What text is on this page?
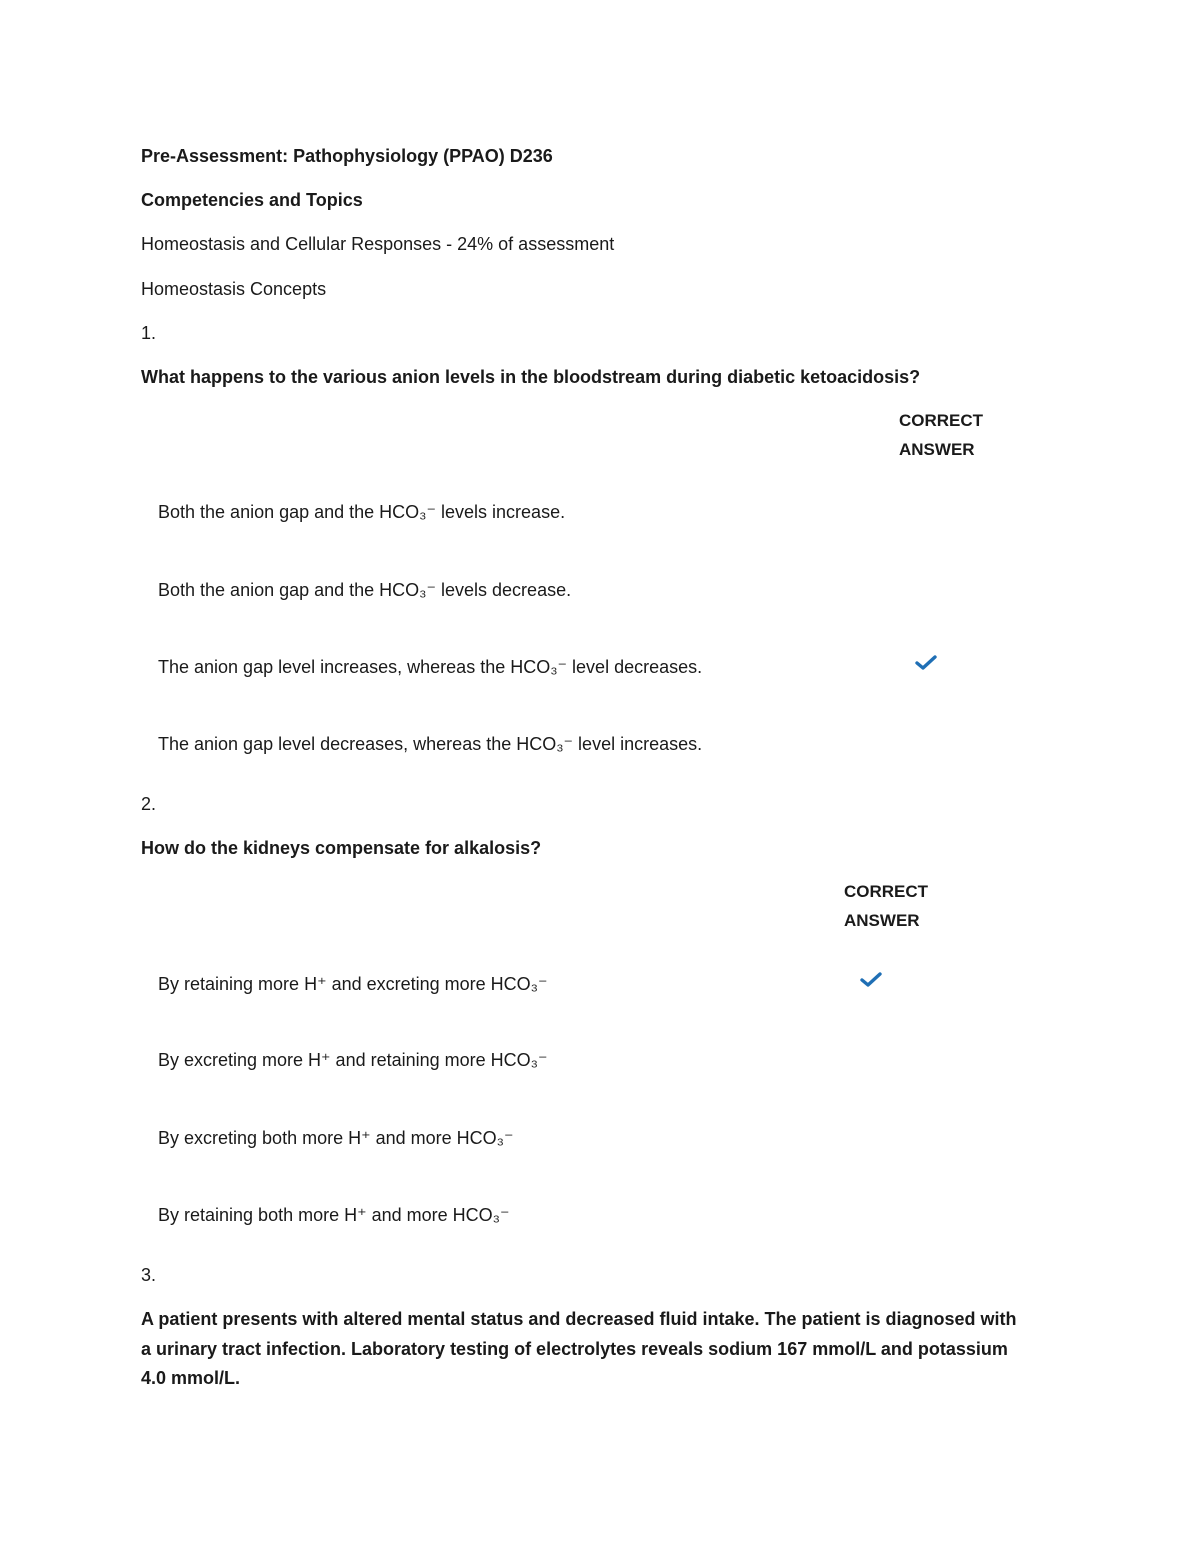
Pre-Assessment: Pathophysiology (PPAO) D236
Competencies and Topics
Homeostasis and Cellular Responses - 24% of assessment
Homeostasis Concepts
1.
What happens to the various anion levels in the bloodstream during diabetic ketoacidosis?
CORRECT
ANSWER
Both the anion gap and the HCO₃⁻ levels increase.
Both the anion gap and the HCO₃⁻ levels decrease.
The anion gap level increases, whereas the HCO₃⁻ level decreases.
The anion gap level decreases, whereas the HCO₃⁻ level increases.
2.
How do the kidneys compensate for alkalosis?
CORRECT
ANSWER
By retaining more H⁺ and excreting more HCO₃⁻
By excreting more H⁺ and retaining more HCO₃⁻
By excreting both more H⁺ and more HCO₃⁻
By retaining both more H⁺ and more HCO₃⁻
3.
A patient presents with altered mental status and decreased fluid intake. The patient is diagnosed with a urinary tract infection. Laboratory testing of electrolytes reveals sodium 167 mmol/L and potassium 4.0 mmol/L.
